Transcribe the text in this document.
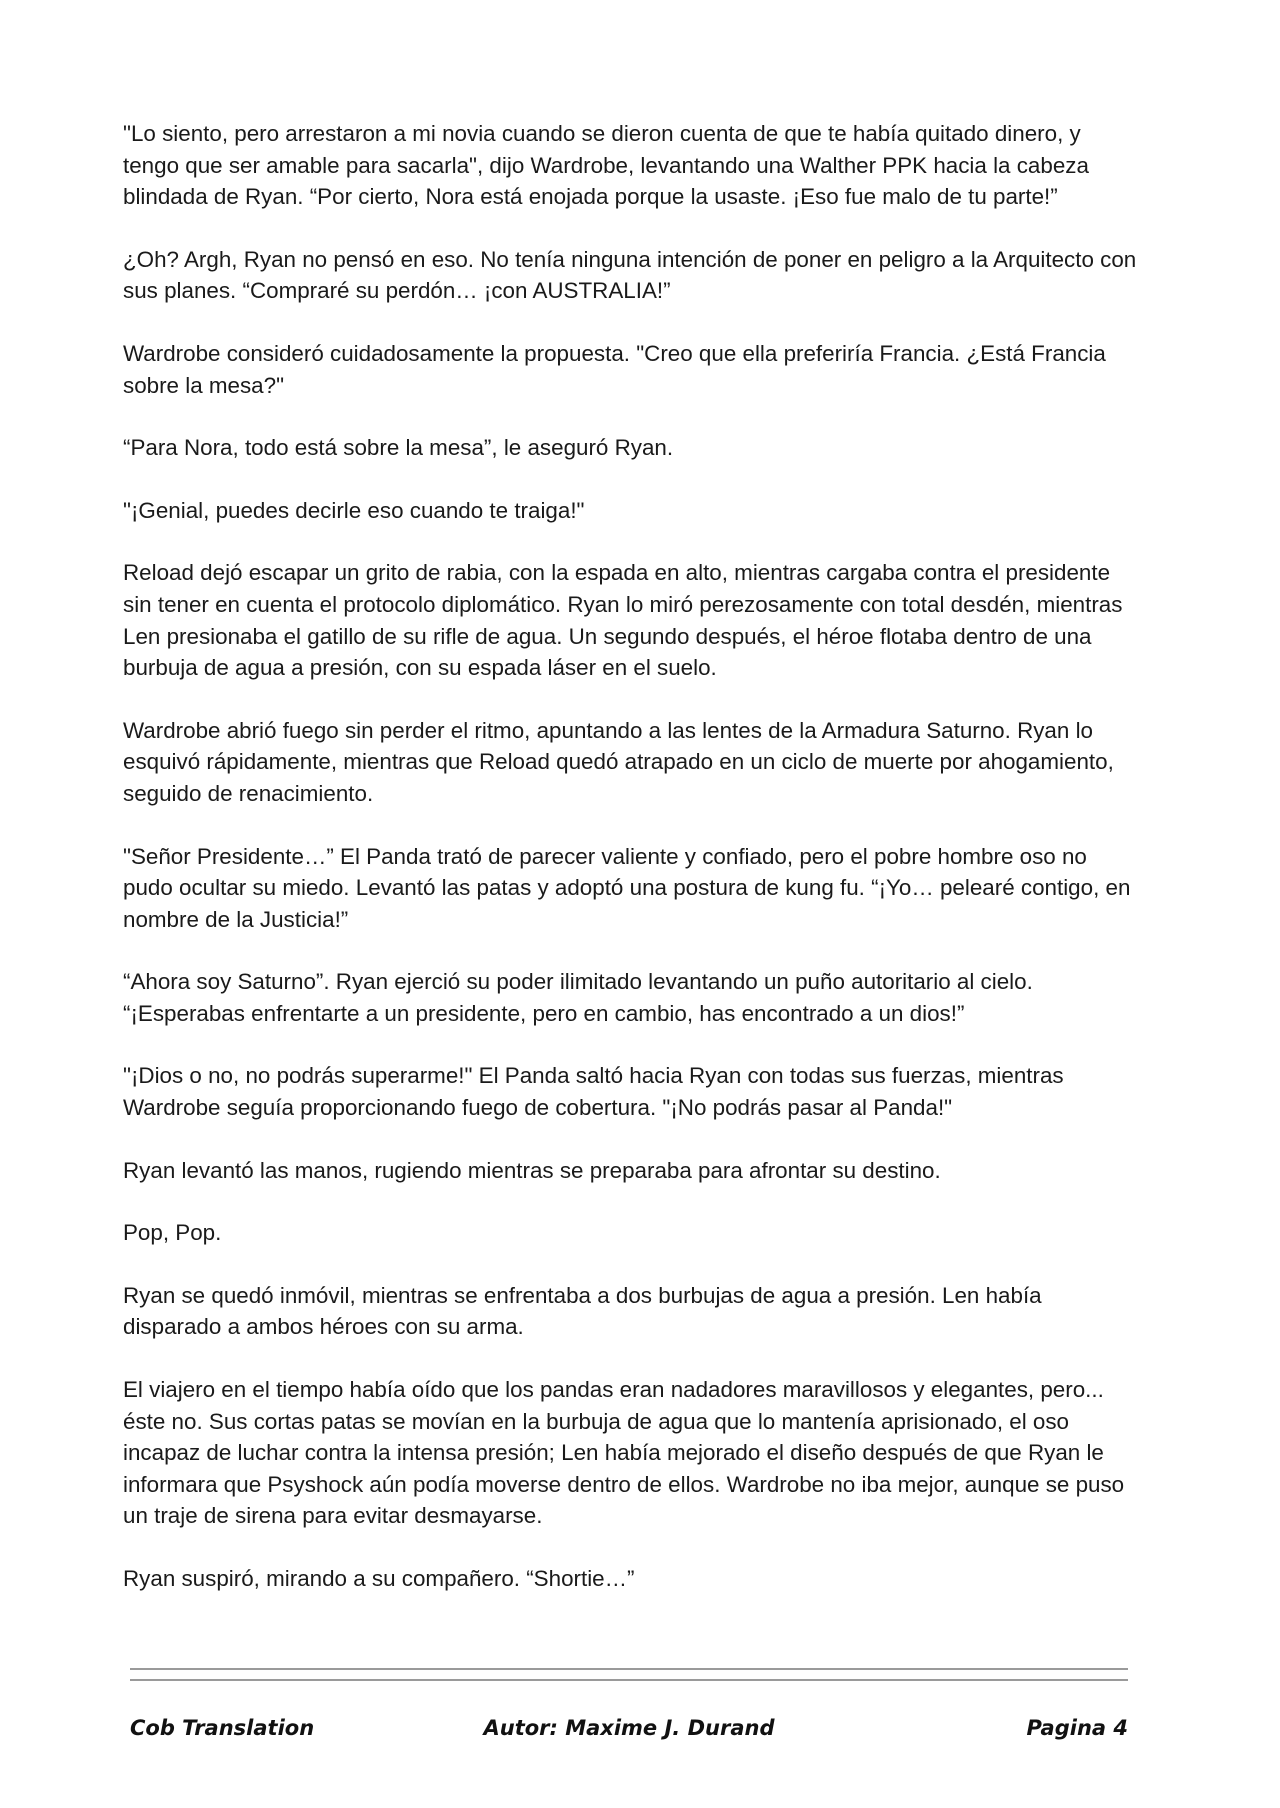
"Lo siento, pero arrestaron a mi novia cuando se dieron cuenta de que te había quitado dinero, y tengo que ser amable para sacarla", dijo Wardrobe, levantando una Walther PPK hacia la cabeza blindada de Ryan. “Por cierto, Nora está enojada porque la usaste. ¡Eso fue malo de tu parte!”

¿Oh? Argh, Ryan no pensó en eso. No tenía ninguna intención de poner en peligro a la Arquitecto con sus planes. “Compraré su perdón… ¡con AUSTRALIA!”

Wardrobe consideró cuidadosamente la propuesta. "Creo que ella preferiría Francia. ¿Está Francia sobre la mesa?"

“Para Nora, todo está sobre la mesa”, le aseguró Ryan.

"¡Genial, puedes decirle eso cuando te traiga!"

Reload dejó escapar un grito de rabia, con la espada en alto, mientras cargaba contra el presidente sin tener en cuenta el protocolo diplomático. Ryan lo miró perezosamente con total desdén, mientras Len presionaba el gatillo de su rifle de agua. Un segundo después, el héroe flotaba dentro de una burbuja de agua a presión, con su espada láser en el suelo.

Wardrobe abrió fuego sin perder el ritmo, apuntando a las lentes de la Armadura Saturno. Ryan lo esquivó rápidamente, mientras que Reload quedó atrapado en un ciclo de muerte por ahogamiento, seguido de renacimiento.

"Señor Presidente…” El Panda trató de parecer valiente y confiado, pero el pobre hombre oso no pudo ocultar su miedo. Levantó las patas y adoptó una postura de kung fu. “¡Yo… pelearé contigo, en nombre de la Justicia!”

“Ahora soy Saturno”. Ryan ejerció su poder ilimitado levantando un puño autoritario al cielo. “¡Esperabas enfrentarte a un presidente, pero en cambio, has encontrado a un dios!”

"¡Dios o no, no podrás superarme!" El Panda saltó hacia Ryan con todas sus fuerzas, mientras Wardrobe seguía proporcionando fuego de cobertura. "¡No podrás pasar al Panda!"

Ryan levantó las manos, rugiendo mientras se preparaba para afrontar su destino.

Pop, Pop.

Ryan se quedó inmóvil, mientras se enfrentaba a dos burbujas de agua a presión. Len había disparado a ambos héroes con su arma.

El viajero en el tiempo había oído que los pandas eran nadadores maravillosos y elegantes, pero... éste no. Sus cortas patas se movían en la burbuja de agua que lo mantenía aprisionado, el oso incapaz de luchar contra la intensa presión; Len había mejorado el diseño después de que Ryan le informara que Psyshock aún podía moverse dentro de ellos. Wardrobe no iba mejor, aunque se puso un traje de sirena para evitar desmayarse.

Ryan suspiró, mirando a su compañero. “Shortie…”

Cob Translation	Autor: Maxime J. Durand	Pagina 4
